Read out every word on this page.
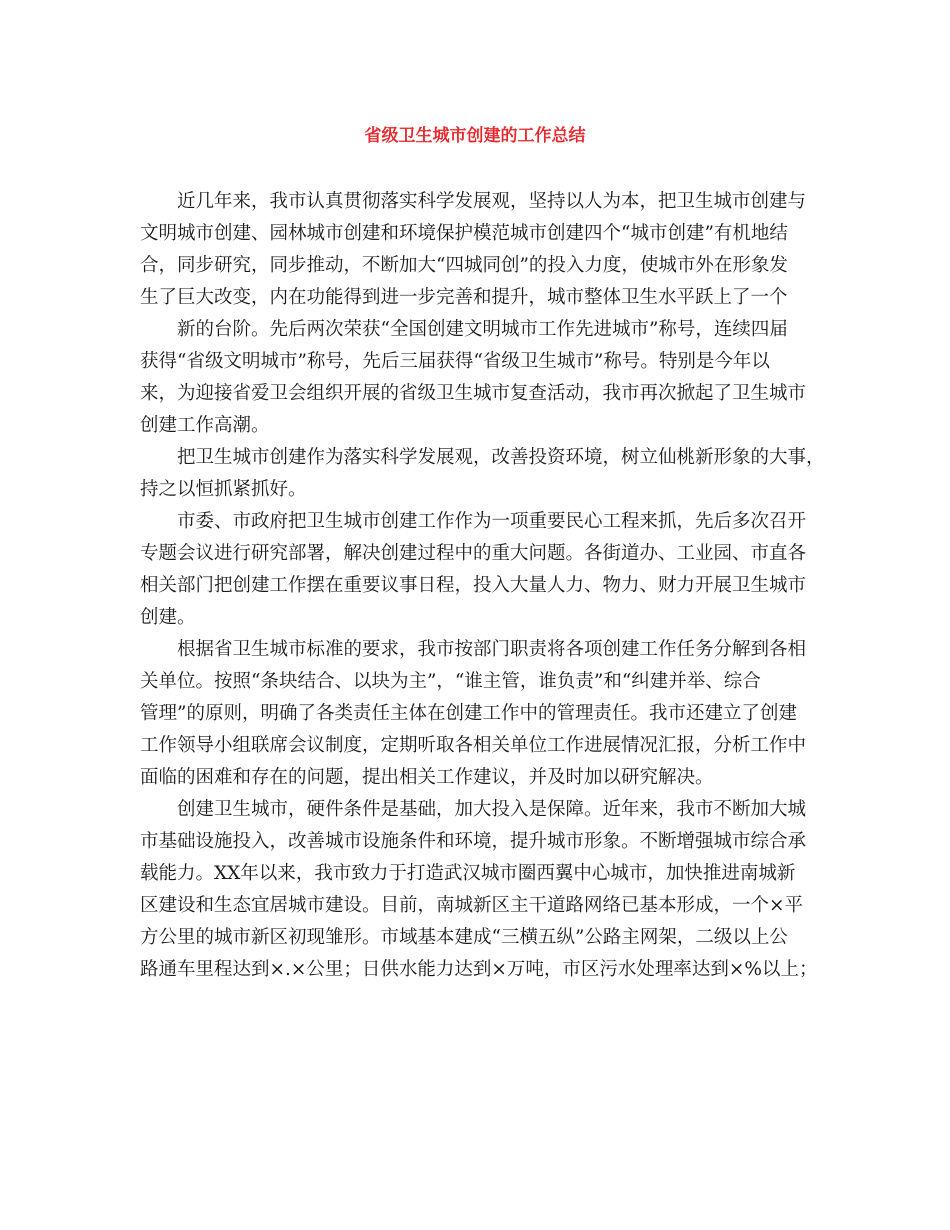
省级卫生城市创建的工作总结
近几年来，我市认真贯彻落实科学发展观，坚持以人为本，把卫生城市创建与
文明城市创建、园林城市创建和环境保护模范城市创建四个“城市创建”有机地结
合，同步研究，同步推动，不断加大“四城同创”的投入力度，使城市外在形象发
生了巨大改变，内在功能得到进一步完善和提升，城市整体卫生水平跃上了一个
新的台阶。先后两次荣获“全国创建文明城市工作先进城市”称号，连续四届
获得“省级文明城市”称号，先后三届获得“省级卫生城市”称号。特别是今年以
来，为迎接省爱卫会组织开展的省级卫生城市复查活动，我市再次掀起了卫生城市
创建工作高潮。
把卫生城市创建作为落实科学发展观，改善投资环境，树立仙桃新形象的大事，
持之以恒抓紧抓好。
市委、市政府把卫生城市创建工作作为一项重要民心工程来抓，先后多次召开
专题会议进行研究部署，解决创建过程中的重大问题。各街道办、工业园、市直各
相关部门把创建工作摆在重要议事日程，投入大量人力、物力、财力开展卫生城市
创建。
根据省卫生城市标准的要求，我市按部门职责将各项创建工作任务分解到各相
关单位。按照“条块结合、以块为主”，“谁主管，谁负责”和“纠建并举、综合
管理”的原则，明确了各类责任主体在创建工作中的管理责任。我市还建立了创建
工作领导小组联席会议制度，定期听取各相关单位工作进展情况汇报，分析工作中
面临的困难和存在的问题，提出相关工作建议，并及时加以研究解决。
创建卫生城市，硬件条件是基础，加大投入是保障。近年来，我市不断加大城
市基础设施投入，改善城市设施条件和环境，提升城市形象。不断增强城市综合承
载能力。XX年以来，我市致力于打造武汉城市圈西翼中心城市，加快推进南城新
区建设和生态宜居城市建设。目前，南城新区主干道路网络已基本形成，一个×平
方公里的城市新区初现雏形。市域基本建成“三横五纵”公路主网架，二级以上公
路通车里程达到×.×公里；日供水能力达到×万吨，市区污水处理率达到×%以上；
